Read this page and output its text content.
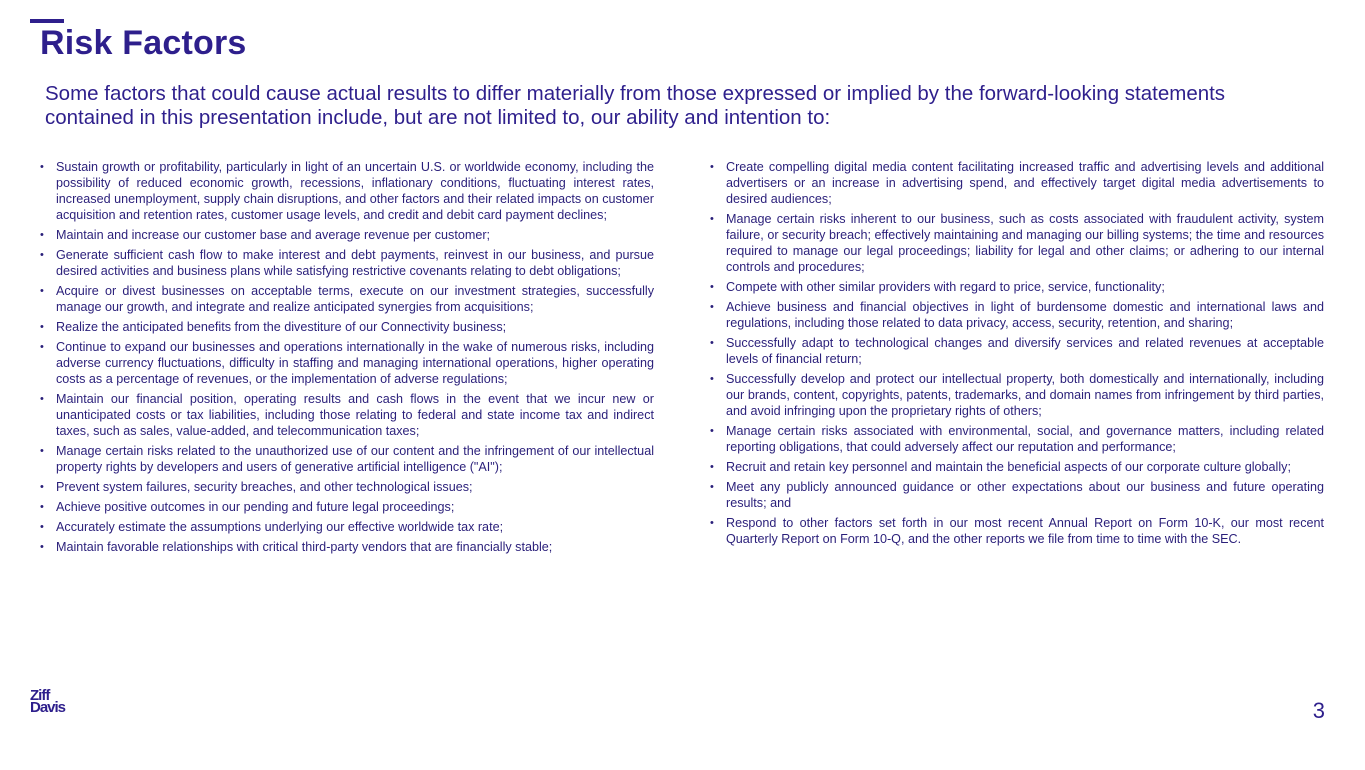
Risk Factors

Some factors that could cause actual results to differ materially from those expressed or implied by the forward-looking statements contained in this presentation include, but are not limited to, our ability and intention to:

• Sustain growth or profitability, particularly in light of an uncertain U.S. or worldwide economy, including the possibility of reduced economic growth, recessions, inflationary conditions, fluctuating interest rates, increased unemployment, supply chain disruptions, and other factors and their related impacts on customer acquisition and retention rates, customer usage levels, and credit and debit card payment declines;
• Maintain and increase our customer base and average revenue per customer;
• Generate sufficient cash flow to make interest and debt payments, reinvest in our business, and pursue desired activities and business plans while satisfying restrictive covenants relating to debt obligations;
• Acquire or divest businesses on acceptable terms, execute on our investment strategies, successfully manage our growth, and integrate and realize anticipated synergies from acquisitions;
• Realize the anticipated benefits from the divestiture of our Connectivity business;
• Continue to expand our businesses and operations internationally in the wake of numerous risks, including adverse currency fluctuations, difficulty in staffing and managing international operations, higher operating costs as a percentage of revenues, or the implementation of adverse regulations;
• Maintain our financial position, operating results and cash flows in the event that we incur new or unanticipated costs or tax liabilities, including those relating to federal and state income tax and indirect taxes, such as sales, value-added, and telecommunication taxes;
• Manage certain risks related to the unauthorized use of our content and the infringement of our intellectual property rights by developers and users of generative artificial intelligence ("AI");
• Prevent system failures, security breaches, and other technological issues;
• Achieve positive outcomes in our pending and future legal proceedings;
• Accurately estimate the assumptions underlying our effective worldwide tax rate;
• Maintain favorable relationships with critical third-party vendors that are financially stable;
• Create compelling digital media content facilitating increased traffic and advertising levels and additional advertisers or an increase in advertising spend, and effectively target digital media advertisements to desired audiences;
• Manage certain risks inherent to our business, such as costs associated with fraudulent activity, system failure, or security breach; effectively maintaining and managing our billing systems; the time and resources required to manage our legal proceedings; liability for legal and other claims; or adhering to our internal controls and procedures;
• Compete with other similar providers with regard to price, service, functionality;
• Achieve business and financial objectives in light of burdensome domestic and international laws and regulations, including those related to data privacy, access, security, retention, and sharing;
• Successfully adapt to technological changes and diversify services and related revenues at acceptable levels of financial return;
• Successfully develop and protect our intellectual property, both domestically and internationally, including our brands, content, copyrights, patents, trademarks, and domain names from infringement by third parties, and avoid infringing upon the proprietary rights of others;
• Manage certain risks associated with environmental, social, and governance matters, including related reporting obligations, that could adversely affect our reputation and performance;
• Recruit and retain key personnel and maintain the beneficial aspects of our corporate culture globally;
• Meet any publicly announced guidance or other expectations about our business and future operating results; and
• Respond to other factors set forth in our most recent Annual Report on Form 10-K, our most recent Quarterly Report on Form 10-Q, and the other reports we file from time to time with the SEC.
Ziff
Davis	3
